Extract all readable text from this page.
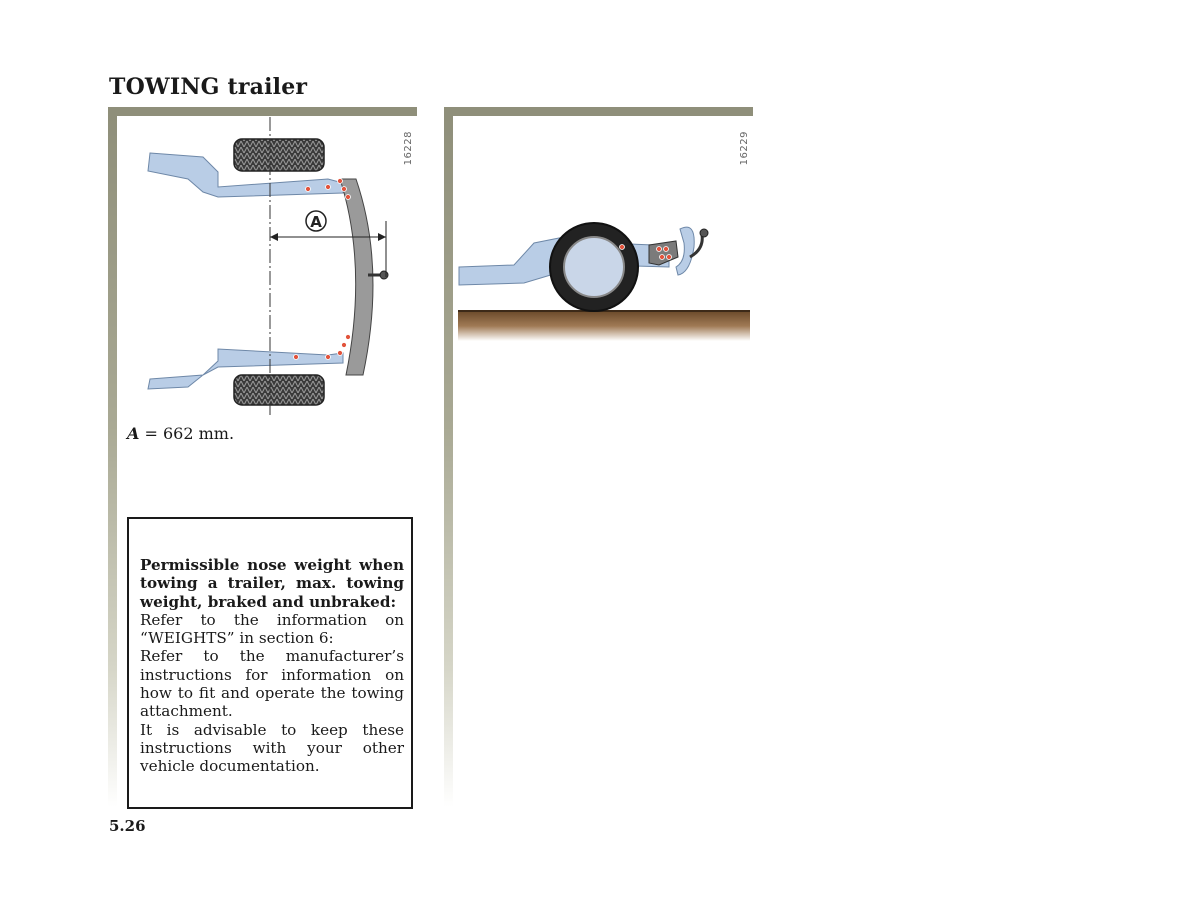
TOWING trailer
A
16228	16229
A = 662 mm.

Permissible nose weight when towing a trailer, max. towing weight, braked and unbraked:

Refer to the information on “WEIGHTS” in section 6:

Refer to the manufacturer’s instructions for information on how to fit and operate the towing attachment.

It is advisable to keep these instructions with your other vehicle documentation.

5.26
